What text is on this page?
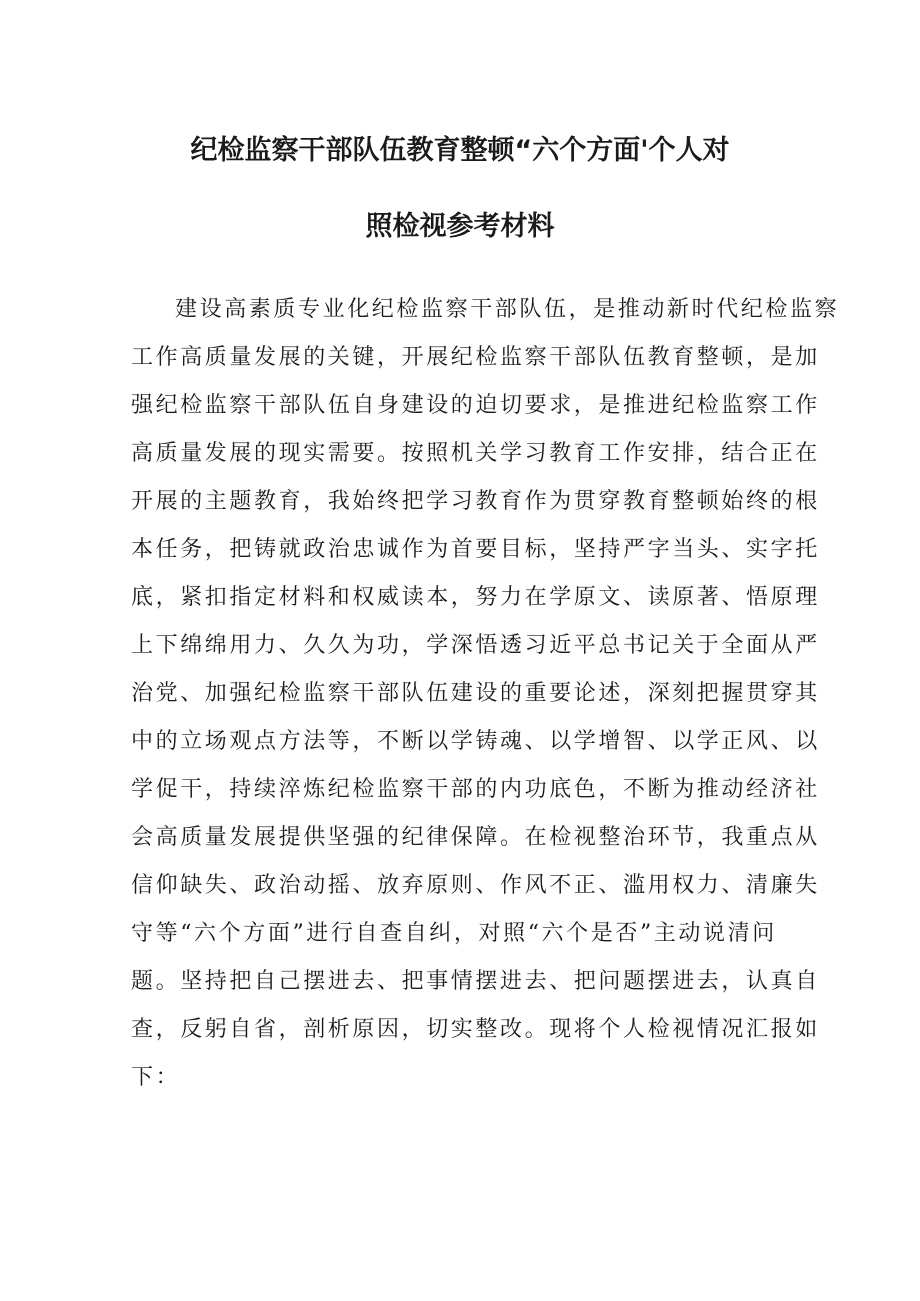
纪检监察干部队伍教育整顿“六个方面'个人对
照检视参考材料
建设高素质专业化纪检监察干部队伍，是推动新时代纪检监察
工作高质量发展的关键，开展纪检监察干部队伍教育整顿，是加
强纪检监察干部队伍自身建设的迫切要求，是推进纪检监察工作
高质量发展的现实需要。按照机关学习教育工作安排，结合正在
开展的主题教育，我始终把学习教育作为贯穿教育整顿始终的根
本任务，把铸就政治忠诚作为首要目标，坚持严字当头、实字托
底，紧扣指定材料和权威读本，努力在学原文、读原著、悟原理
上下绵绵用力、久久为功，学深悟透习近平总书记关于全面从严
治党、加强纪检监察干部队伍建设的重要论述，深刻把握贯穿其
中的立场观点方法等，不断以学铸魂、以学增智、以学正风、以
学促干，持续淬炼纪检监察干部的内功底色，不断为推动经济社
会高质量发展提供坚强的纪律保障。在检视整治环节，我重点从
信仰缺失、政治动摇、放弃原则、作风不正、滥用权力、清廉失
守等“六个方面”进行自查自纠，对照“六个是否”主动说清问
题。坚持把自己摆进去、把事情摆进去、把问题摆进去，认真自
查，反躬自省，剖析原因，切实整改。现将个人检视情况汇报如
下：
